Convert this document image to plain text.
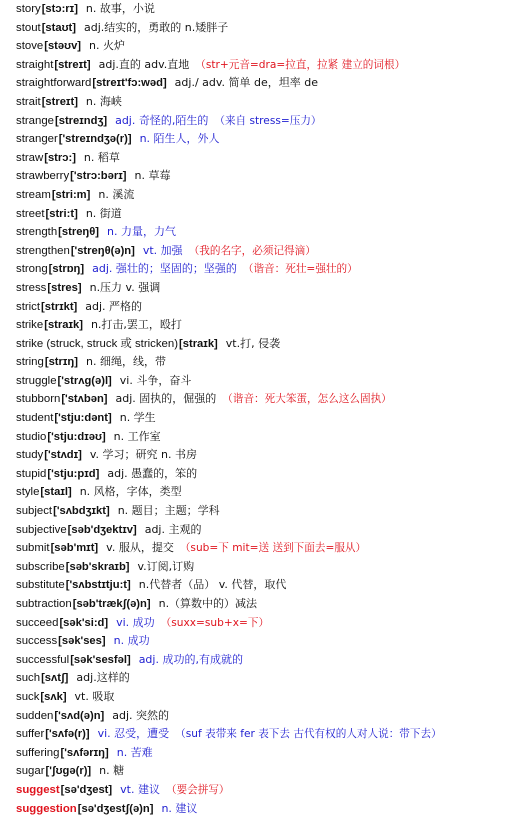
story[stɔ:rɪ] n. 故事，小说
stout[staʊt] adj.结实的，勇敢的 n.矮胖子
stove[stəʊv] n. 火炉
straight[streɪt] adj.直的 adv.直地 （str+元音=dra=拉直，拉紧 建立的词根）
straightforward[streɪt'fɔ:wəd] adj./ adv. 简单 de，坦率 de
strait[streɪt] n. 海峡
strange[streɪndʒ] adj. 奇怪的,陌生的 （来自 stress=压力）
stranger['streɪndʒə(r)] n. 陌生人，外人
straw[strɔ:] n. 稻草
strawberry['strɔ:bərɪ] n. 草莓
stream[stri:m] n. 溪流
street[stri:t] n. 街道
strength[streŋθ] n. 力量，力气
strengthen['streŋθ(ə)n] vt. 加强 （我的名字，必须记得滴）
strong[strɒŋ] adj. 强壮的；坚固的；坚强的 （谐音：死壮=强壮的）
stress[stres] n.压力 v. 强调
strict[strɪkt] adj. 严格的
strike[straɪk] n.打击,罢工，殴打
strike (struck, struck 或 stricken)[straɪk] vt.打, 侵袭
string[strɪŋ] n. 细绳，线，带
struggle['strʌɡ(ə)l] vi. 斗争，奋斗
stubborn['stʌbən] adj. 固执的，倔强的 （谐音：死大笨蛋，怎么这么固执）
student['stju:dənt] n. 学生
studio['stju:dɪəʊ] n. 工作室
study['stʌdɪ] v. 学习；研究 n. 书房
stupid['stju:pɪd] adj. 愚蠢的，笨的
style[staɪl] n. 风格，字体，类型
subject['sʌbdʒɪkt] n. 题目；主题；学科
subjective[səb'dʒektɪv] adj. 主观的
submit[səb'mɪt] v. 服从，提交 （sub=下 mit=送 送到下面去=服从）
subscribe[səb'skraɪb] v.订阅,订购
substitute['sʌbstɪtju:t] n.代替者（品） v. 代替，取代
subtraction[səb'trækʃ(ə)n] n.（算数中的）减法
succeed[sək'si:d] vi. 成功 （suxx=sub+x=下）
success[sək'ses] n. 成功
successful[sək'sesfəl] adj. 成功的,有成就的
such[sʌtʃ] adj.这样的
suck[sʌk] vt. 吸取
sudden['sʌd(ə)n] adj. 突然的
suffer['sʌfə(r)] vi. 忍受，遭受 （suf 表带来 fer 表下去 古代有权的人对人说：带下去）
suffering['sʌfərɪŋ] n. 苦难
sugar['ʃʊɡə(r)] n. 糖
suggest[sə'dʒest] vt. 建议 （要会拼写）
suggestion[sə'dʒestʃ(ə)n] n. 建议
